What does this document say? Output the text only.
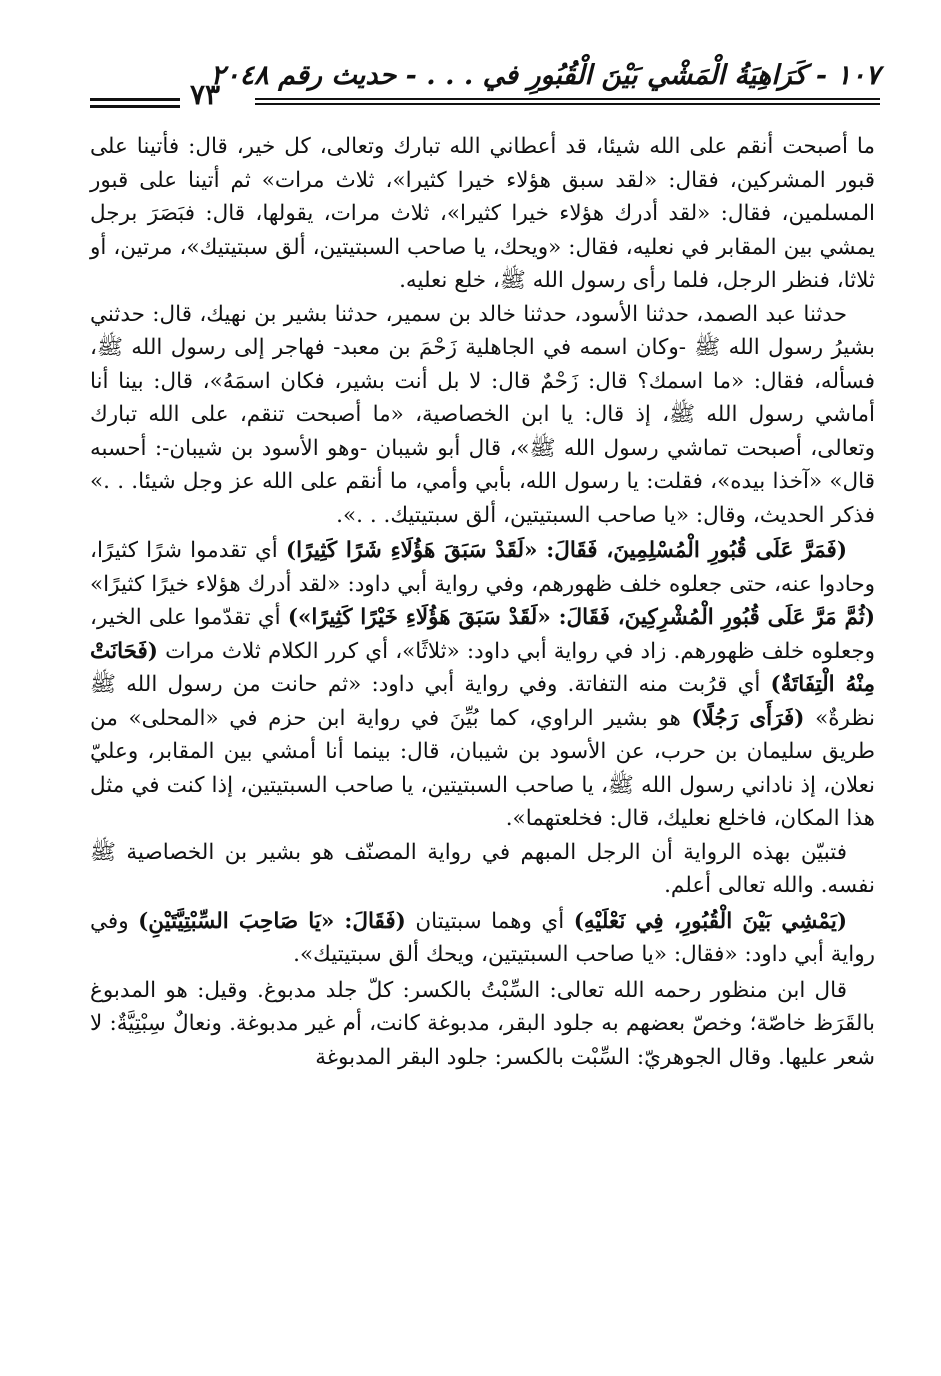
١٠٧ - كَرَاهِيَةُ الْمَشْي بَيْنَ الْقُبُورِ في . . . - حديث رقم ٢٠٤٨
٧٣

ما أصبحت أنقم على الله شيئا، قد أعطاني الله تبارك وتعالى، كل خير، قال: فأتينا على قبور المشركين، فقال: «لقد سبق هؤلاء خيرا كثيرا»، ثلاث مرات» ثم أتينا على قبور المسلمين، فقال: «لقد أدرك هؤلاء خيرا كثيرا»، ثلاث مرات، يقولها، قال: فبَصَرَ برجل يمشي بين المقابر في نعليه، فقال: «ويحك، يا صاحب السبتيتين، ألق سبتيتيك»، مرتين، أو ثلاثا، فنظر الرجل، فلما رأى رسول الله ﷺ، خلع نعليه.

حدثنا عبد الصمد، حدثنا الأسود، حدثنا خالد بن سمير، حدثنا بشير بن نهيك، قال: حدثني بشيرُ رسول الله ﷺ -وكان اسمه في الجاهلية زَحْمَ بن معبد- فهاجر إلى رسول الله ﷺ، فسأله، فقال: «ما اسمك؟ قال: زَحْمٌ قال: لا بل أنت بشير، فكان اسمَهُ»، قال: بينا أنا أماشي رسول الله ﷺ، إذ قال: يا ابن الخصاصية، «ما أصبحت تنقم، على الله تبارك وتعالى، أصبحت تماشي رسول الله ﷺ»، قال أبو شيبان -وهو الأسود بن شيبان-: أحسبه قال» «آخذا بيده»، فقلت: يا رسول الله، بأبي وأمي، ما أنقم على الله عز وجل شيئا. . .» فذكر الحديث، وقال: «يا صاحب السبتيتين، ألق سبتيتيك. . .».

(فَمَرَّ عَلَى قُبُورِ الْمُسْلِمِينَ، فَقَالَ: «لَقَدْ سَبَقَ هَؤُلَاءِ شَرًا كَثِيرًا) أي تقدموا شرًا كثيرًا، وحادوا عنه، حتى جعلوه خلف ظهورهم، وفي رواية أبي داود: «لقد أدرك هؤلاء خيرًا كثيرًا» (ثُمَّ مَرَّ عَلَى قُبُورِ الْمُشْرِكِينَ، فَقَالَ: «لَقَدْ سَبَقَ هَؤُلَاءِ خَيْرًا كَثِيرًا») أي تقدّموا على الخير، وجعلوه خلف ظهورهم. زاد في رواية أبي داود: «ثلاثًا»، أي كرر الكلام ثلاث مرات (فَحَانَتْ مِنْهُ الْتِفَاتَةٌ) أي قرُبت منه التفاتة. وفي رواية أبي داود: «ثم حانت من رسول الله ﷺ نظرةٌ» (فَرَأَى رَجُلًا) هو بشير الراوي، كما بُيِّنَ في رواية ابن حزم في «المحلى» من طريق سليمان بن حرب، عن الأسود بن شيبان، قال: بينما أنا أمشي بين المقابر، وعليّ نعلان، إذ ناداني رسول الله ﷺ، يا صاحب السبتيتين، يا صاحب السبتيتين، إذا كنت في مثل هذا المكان، فاخلع نعليك، قال: فخلعتهما».

فتبيّن بهذه الرواية أن الرجل المبهم في رواية المصنّف هو بشير بن الخصاصية ﷺ نفسه. والله تعالى أعلم.

(يَمْشِي بَيْنَ الْقُبُورِ، فِي نَعْلَيْهِ) أي وهما سبتيتان (فَقَالَ: «يَا صَاحِبَ السِّبْتِيَّتَيْنِ) وفي رواية أبي داود: «فقال: «يا صاحب السبتيتين، ويحك ألق سبتيتيك».

قال ابن منظور رحمه الله تعالى: السِّبْتُ بالكسر: كلّ جلد مدبوغ. وقيل: هو المدبوغ بالقَرَظ خاصّة؛ وخصّ بعضهم به جلود البقر، مدبوغة كانت، أم غير مدبوغة. ونعالٌ سِبْتِيَّةٌ: لا شعر عليها. وقال الجوهريّ: السِّبْت بالكسر: جلود البقر المدبوغة
